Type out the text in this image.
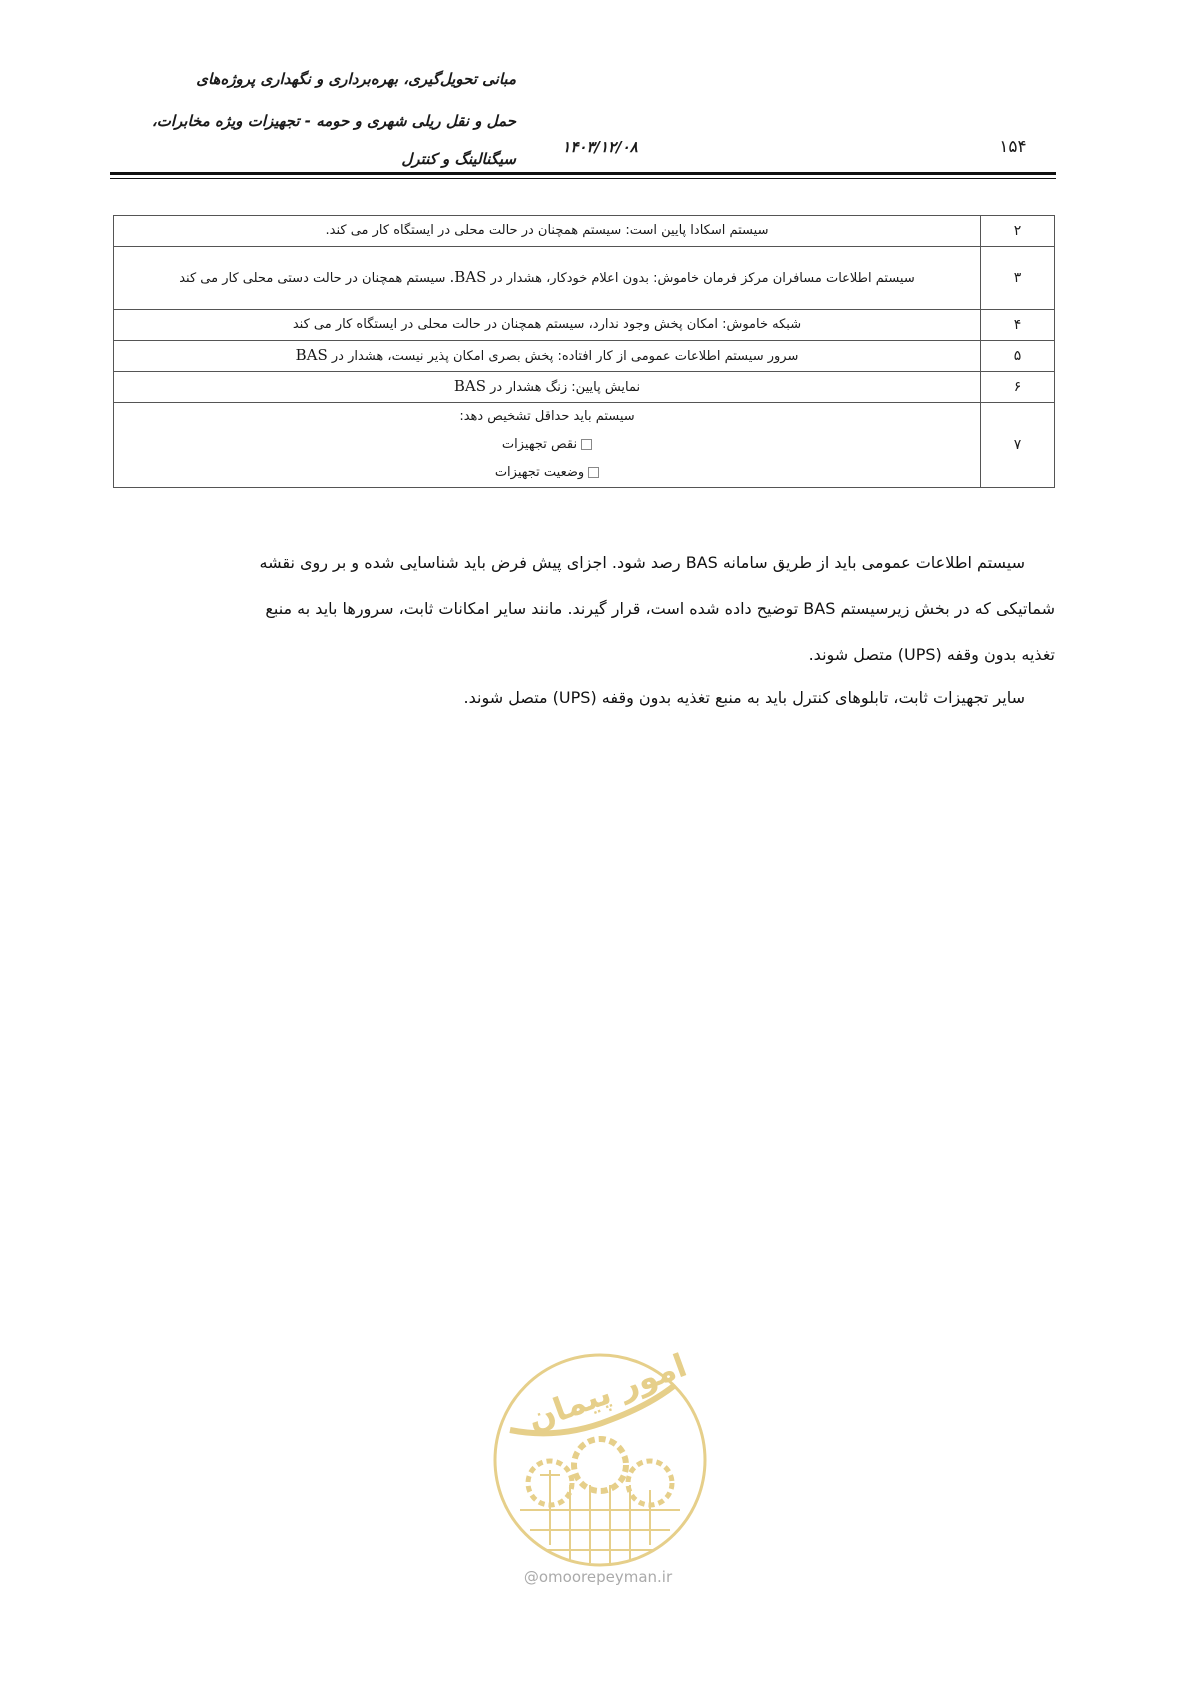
مبانی تحویل‌گیری، بهره‌برداری و نگهداری پروژه‌های
حمل و نقل ریلی شهری و حومه - تجهیزات ویژه مخابرات،
سیگنالینگ و کنترل
۱۴۰۳/۱۲/۰۸	۱۵۴
۲	سیستم اسکادا پایین است: سیستم همچنان در حالت محلی در ایستگاه کار می کند.
۳	سیستم اطلاعات مسافران مرکز فرمان خاموش: بدون اعلام خودکار، هشدار در BAS. سیستم همچنان در حالت دستی محلی کار می کند
۴	شبکه خاموش: امکان پخش وجود ندارد، سیستم همچنان در حالت محلی در ایستگاه کار می کند
۵	سرور سیستم اطلاعات عمومی از کار افتاده: پخش بصری امکان پذیر نیست، هشدار در BAS
۶	نمایش پایین: زنگ هشدار در BAS
۷	سیستم باید حداقل تشخیص دهد:
نقص تجهیزات
وضعیت تجهیزات
سیستم اطلاعات عمومی باید از طریق سامانه BAS رصد شود. اجزای پیش فرض باید شناسایی شده و بر روی نقشه
شماتیکی که در بخش زیرسیستم BAS توضیح داده شده است، قرار گیرند. مانند سایر امکانات ثابت، سرورها باید به منبع
تغذیه بدون وقفه (UPS) متصل شوند.
سایر تجهیزات ثابت، تابلوهای کنترل باید به منبع تغذیه بدون وقفه (UPS) متصل شوند.
امور پیمان
@omoorepeyman.ir
